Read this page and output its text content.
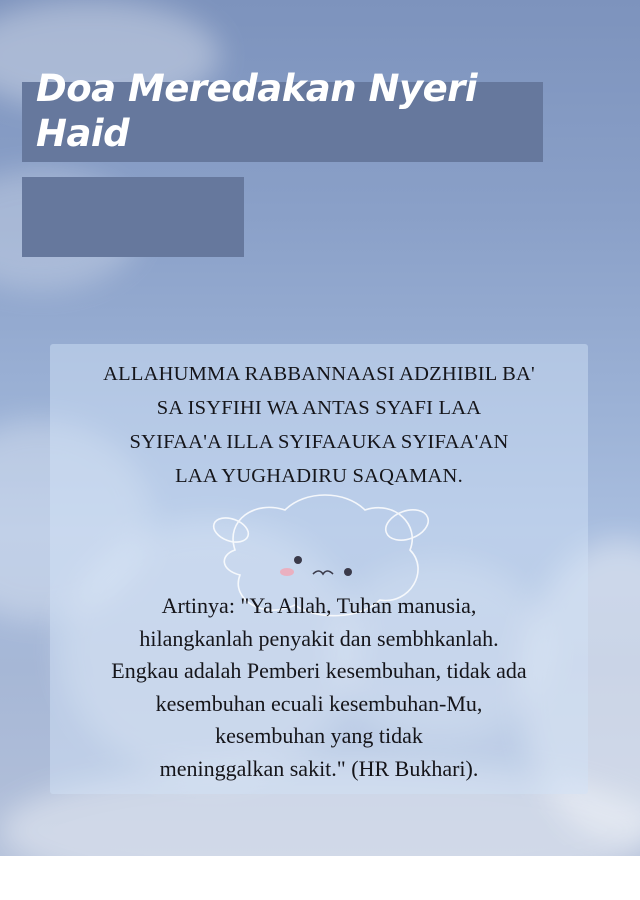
Doa Meredakan Nyeri
Haid
ALLAHUMMA RABBANNAASI ADZHIBIL BA'
SA ISYFIHI WA ANTAS SYAFI LAA
SYIFAA'A ILLA SYIFAAUKA SYIFAA'AN
LAA YUGHADIRU SAQAMAN.
Artinya: "Ya Allah, Tuhan manusia,
hilangkanlah penyakit dan sembhkanlah.
Engkau adalah Pemberi kesembuhan, tidak ada
kesembuhan ecuali kesembuhan-Mu,
kesembuhan yang tidak
meninggalkan sakit." (HR Bukhari).
